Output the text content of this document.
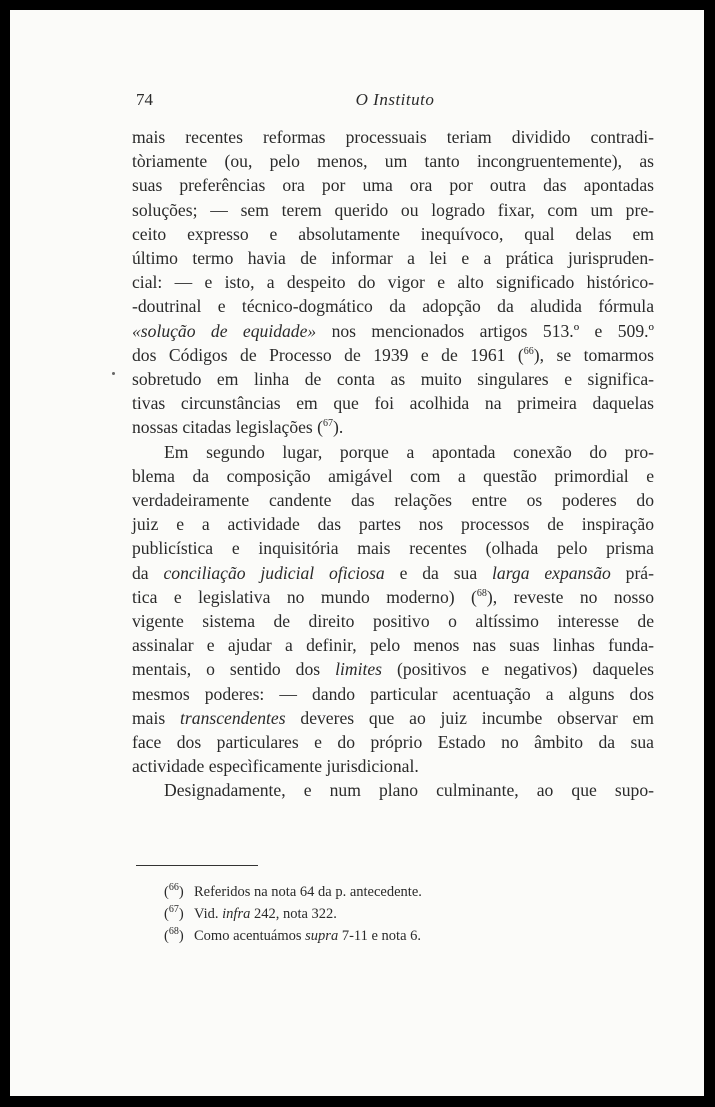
74	O Instituto
mais recentes reformas processuais teriam dividido contradi-
tòriamente (ou, pelo menos, um tanto incongruentemente), as
suas preferências ora por uma ora por outra das apontadas
soluções; — sem terem querido ou logrado fixar, com um pre-
ceito expresso e absolutamente inequívoco, qual delas em
último termo havia de informar a lei e a prática jurispruden-
cial: — e isto, a despeito do vigor e alto significado histórico-
-doutrinal e técnico-dogmático da adopção da aludida fórmula
«solução de equidade» nos mencionados artigos 513.º e 509.º
dos Códigos de Processo de 1939 e de 1961 ($^{66}$), se tomarmos
sobretudo em linha de conta as muito singulares e significa-
tivas circunstâncias em que foi acolhida na primeira daquelas
nossas citadas legislações ($^{67}$).
Em segundo lugar, porque a apontada conexão do pro-
blema da composição amigável com a questão primordial e
verdadeiramente candente das relações entre os poderes do
juiz e a actividade das partes nos processos de inspiração
publicística e inquisitória mais recentes (olhada pelo prisma
da conciliação judicial oficiosa e da sua larga expansão prá-
tica e legislativa no mundo moderno) ($^{68}$), reveste no nosso
vigente sistema de direito positivo o altíssimo interesse de
assinalar e ajudar a definir, pelo menos nas suas linhas funda-
mentais, o sentido dos limites (positivos e negativos) daqueles
mesmos poderes: — dando particular acentuação a alguns dos
mais transcendentes deveres que ao juiz incumbe observar em
face dos particulares e do próprio Estado no âmbito da sua
actividade especìficamente jurisdicional.
Designadamente, e num plano culminante, ao que supo-
($^{66}$) Referidos na nota 64 da p. antecedente.
($^{67}$) Vid. infra 242, nota 322.
($^{68}$) Como acentuámos supra 7-11 e nota 6.
